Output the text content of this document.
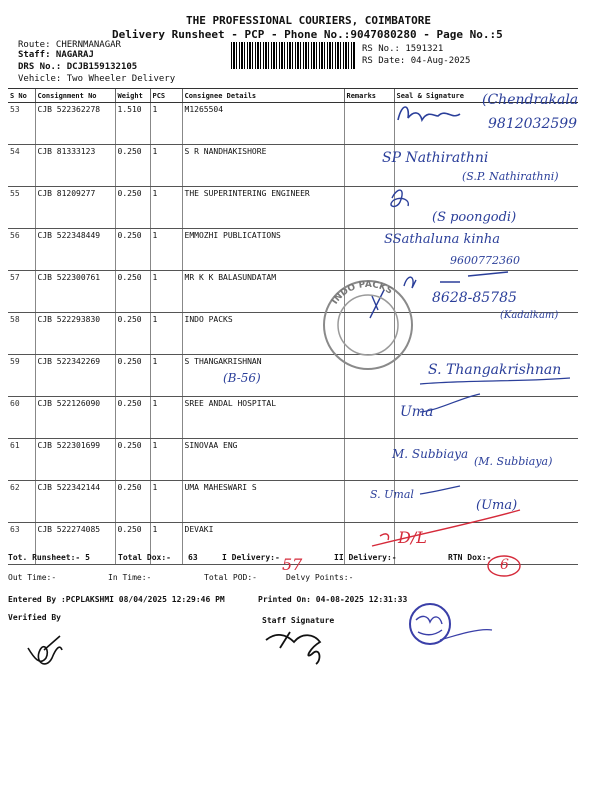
THE PROFESSIONAL COURIERS, COIMBATORE
Delivery Runsheet - PCP - Phone No.:9047080280 - Page No.:5
Route: CHERNMANAGAR
Staff: NAGARAJ
DRS No.: DCJB159132105
Vehicle: Two Wheeler Delivery
RS No.: 1591321
RS Date: 04-Aug-2025
S No	Consignment No	Weight	PCS	Consignee Details	Remarks	Seal & Signature
53	CJB 522362278	1.510	1	M1265504		
54	CJB 81333123	0.250	1	S R NANDHAKISHORE		
55	CJB 81209277	0.250	1	THE SUPERINTERING ENGINEER		
56	CJB 522348449	0.250	1	EMMOZHI PUBLICATIONS		
57	CJB 522300761	0.250	1	MR K K BALASUNDATAM		
58	CJB 522293830	0.250	1	INDO PACKS		
59	CJB 522342269	0.250	1	S THANGAKRISHNAN		
60	CJB 522126090	0.250	1	SREE ANDAL HOSPITAL		
61	CJB 522301699	0.250	1	SINOVAA ENG		
62	CJB 522342144	0.250	1	UMA MAHESWARI S		
63	CJB 522274085	0.250	1	DEVAKI		
Tot. Runsheet:- 5	Total Dox:- 63	I Delivery:-	II Delivery:-	RTN Dox:-
Out Time:-	In Time:-	Total POD:-	Delvy Points:-
Entered By :PCPLAKSHMI 08/04/2025 12:29:46 PM	Printed On: 04-08-2025 12:31:33
Verified By	Staff Signature
(Chendrakala
9812032599
SP Nathirathni
(S.P. Nathirathni)
(S poongodi)
SSathaluna kinha
9600772360
8628-85785
(Kadalkam)
(B-56)	S. Thangakrishnan
Uma
M. Subbiaya
(M. Subbiaya)
S. Umal
(Uma)
D/L
57	6
INDO PACKS
